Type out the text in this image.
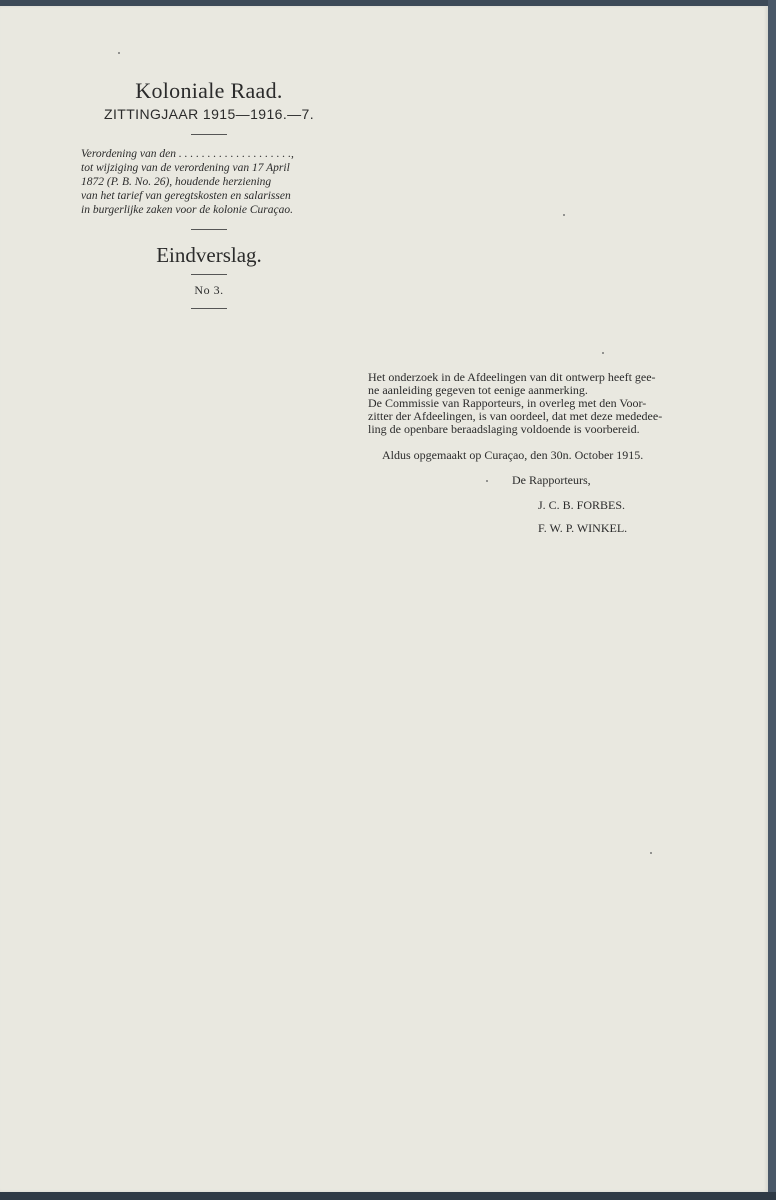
Koloniale Raad.
ZITTINGJAAR 1915—1916.—7.
Verordening van den . . . . . . . . . . . . . . . . . . . .,
tot wijziging van de verordening van 17 April
1872 (P. B. No. 26), houdende herziening
van het tarief van geregtskosten en salarissen
in burgerlijke zaken voor de kolonie Curaçao.
Eindverslag.
No 3.
Het onderzoek in de Afdeelingen van dit ontwerp heeft gee-
ne aanleiding gegeven tot eenige aanmerking.
De Commissie van Rapporteurs, in overleg met den Voor-
zitter der Afdeelingen, is van oordeel, dat met deze mededee-
ling de openbare beraadslaging voldoende is voorbereid.
Aldus opgemaakt op Curaçao, den 30n. October 1915.
De Rapporteurs,
J. C. B. FORBES.
F. W. P. WINKEL.
